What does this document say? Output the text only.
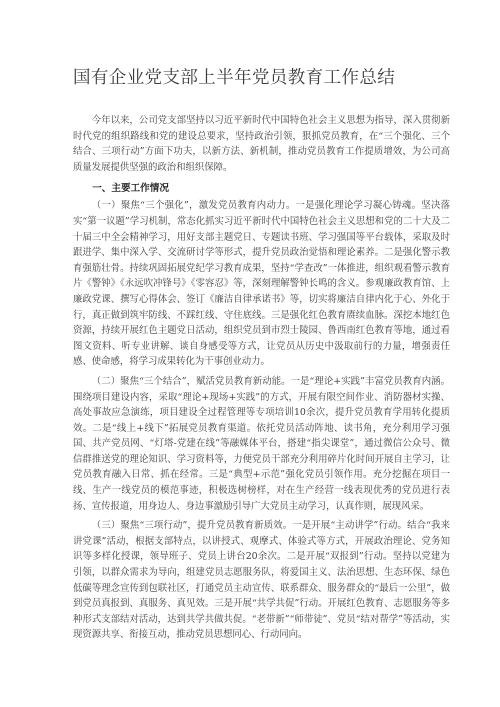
国有企业党支部上半年党员教育工作总结

今年以来，公司党支部坚持以习近平新时代中国特色社会主义思想为指导，深入贯彻新时代党的组织路线和党的建设总要求，坚持政治引领，狠抓党员教育，在“三个强化、三个结合、三项行动”方面下功夫，以新方法、新机制，推动党员教育工作提质增效，为公司高质量发展提供坚强的政治和组织保障。

一、主要工作情况

（一）聚焦“三个强化”，激发党员教育内动力。一是强化理论学习凝心铸魂。坚决落实“第一议题”学习机制，常态化抓实习近平新时代中国特色社会主义思想和党的二十大及二十届三中全会精神学习，用好支部主题党日、专题读书班、学习强国等平台载体，采取及时跟进学、集中深入学、交流研讨学等形式，提升党员政治觉悟和理论素养。二是强化警示教育强筋壮骨。持续巩固拓展党纪学习教育成果，坚持“学查改”一体推进，组织观看警示教育片《警钟》《永远吹冲锋号》《零容忍》等，深刻理解警钟长鸣的含义。参观廉政教育馆、上廉政党课、撰写心得体会、签订《廉洁自律承诺书》等，切实将廉洁自律内化于心、外化于行，真正做到筑牢防线、不踩红线、守住底线。三是强化红色教育赓续血脉。深挖本地红色资源，持续开展红色主题党日活动，组织党员到市烈士陵园、鲁西南红色教育等地，通过看图文资料、听专业讲解、谈自身感受等方式，让党员从历史中汲取前行的力量，增强责任感、使命感，将学习成果转化为干事创业动力。

（二）聚焦“三个结合”，赋活党员教育新动能。一是“理论+实践”丰富党员教育内涵。围绕项目建设内容，采取“理论+现场+实践”的方式，开展有限空间作业、消防器材实操、高处事故应急演练，项目建设全过程管理等专项培训10余次，提升党员教育学用转化提质效。二是“线上+线下”拓展党员教育渠道。依托党员活动阵地、读书角，充分利用学习强国、共产党员网、“灯塔-党建在线”等融媒体平台，搭建“指尖课堂”，通过微信公众号、微信群推送党的理论知识、学习资料等，力便党员干部充分利用碎片化时间开展自主学习，让党员教育融入日常、抓在经常。三是“典型+示范”强化党员引领作用。充分挖掘在项目一线、生产一线党员的模范事迹，积极选树榜样，对在生产经营一线表现优秀的党员进行表扬、宣传报道，用身边人、身边事激励引导广大党员主动学习，认真作则，展现风采。

（三）聚焦“三项行动”，提升党员教育新质效。一是开展“主动讲学”行动。结合“我来讲党课”活动，根据支部特点，以讲授式、观摩式、体验式等方式，开展政治理论、党务知识等多样化授课，领导班子、党员上讲台20余次。二是开展“双报到”行动。坚持以党建为引领，以群众需求为导向，组建党员志愿服务队，将爱国主义、法治思想、生态环保、绿色低碳等理念宣传到包联社区，打通党员主动宣传、联系群众、服务群众的“最后一公里”，做到党员真报到、真服务、真见效。三是开展“共学共促”行动。开展红色教育、志愿服务等多种形式支部结对活动，达到共学共做共促。“老带新”“师带徒”、党员“结对帮学”等活动，实现资源共享、衔接互动，推动党员思想同心、行动同向。
